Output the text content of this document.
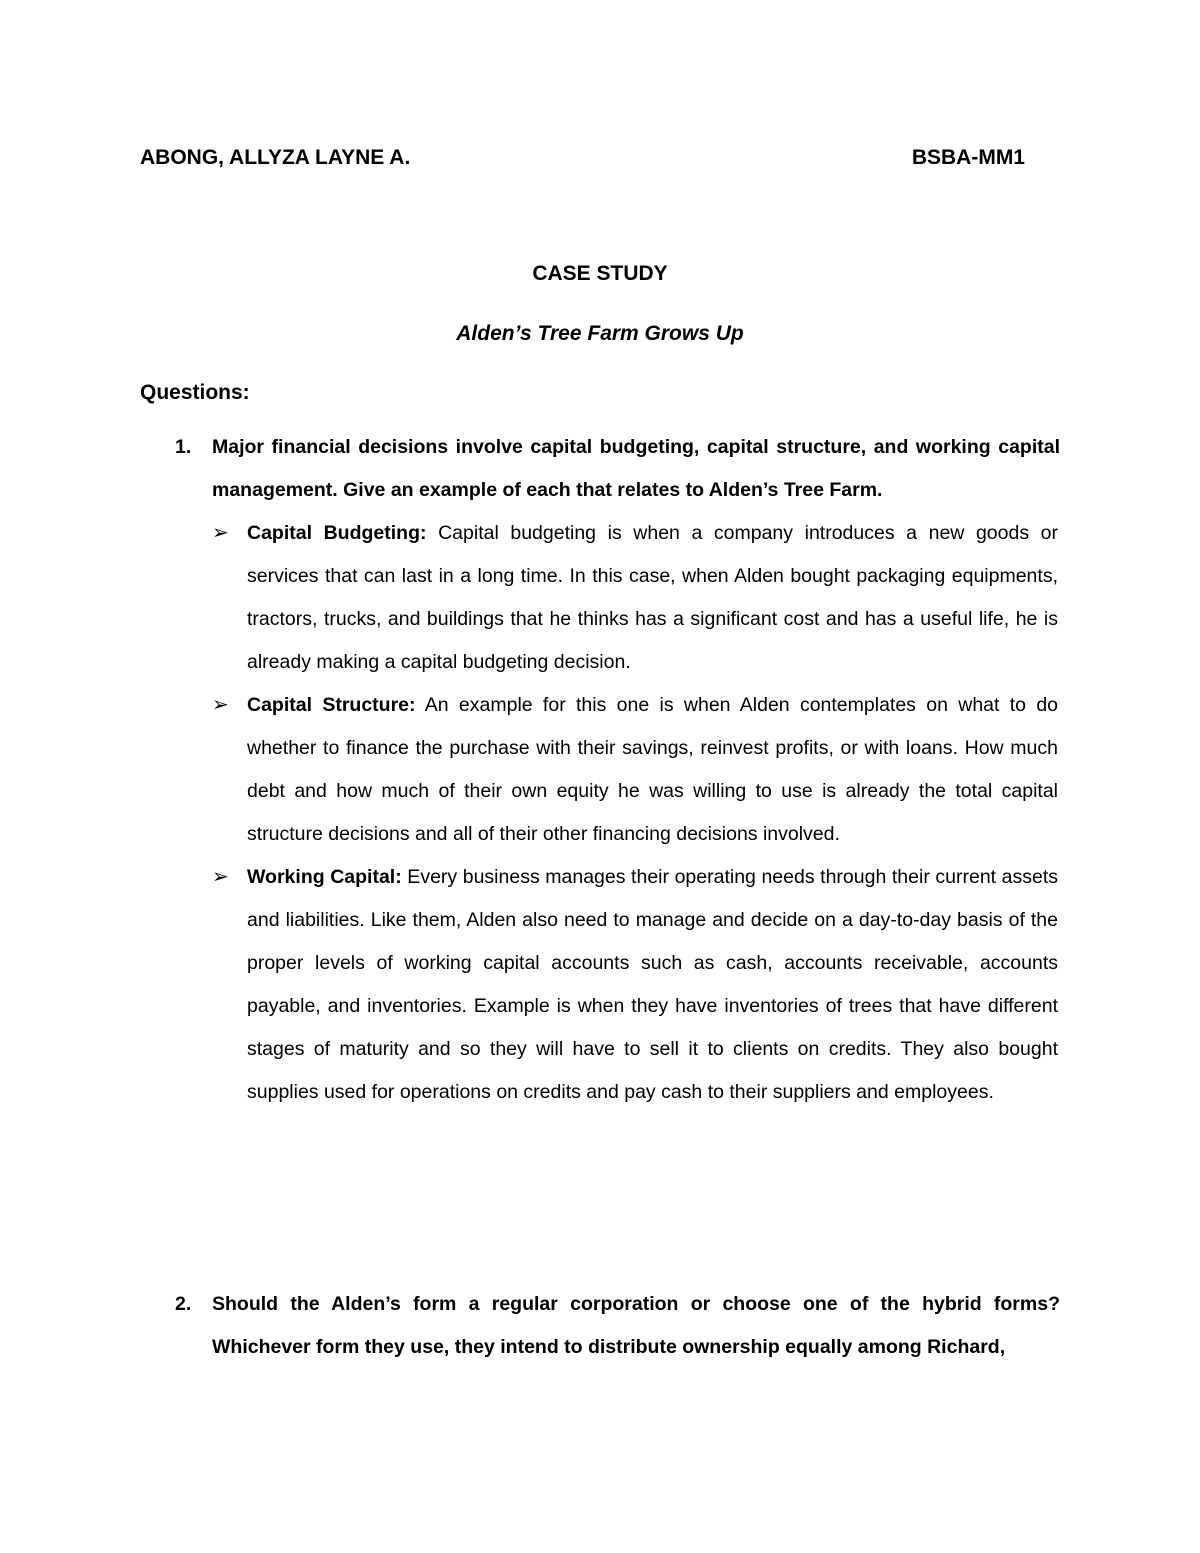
ABONG, ALLYZA LAYNE A.	BSBA-MM1
CASE STUDY
Alden’s Tree Farm Grows Up
Questions:
1. Major financial decisions involve capital budgeting, capital structure, and working capital management. Give an example of each that relates to Alden’s Tree Farm.
➢ Capital Budgeting: Capital budgeting is when a company introduces a new goods or services that can last in a long time. In this case, when Alden bought packaging equipments, tractors, trucks, and buildings that he thinks has a significant cost and has a useful life, he is already making a capital budgeting decision.
➢ Capital Structure: An example for this one is when Alden contemplates on what to do whether to finance the purchase with their savings, reinvest profits, or with loans. How much debt and how much of their own equity he was willing to use is already the total capital structure decisions and all of their other financing decisions involved.
➢ Working Capital: Every business manages their operating needs through their current assets and liabilities. Like them, Alden also need to manage and decide on a day-to-day basis of the proper levels of working capital accounts such as cash, accounts receivable, accounts payable, and inventories. Example is when they have inventories of trees that have different stages of maturity and so they will have to sell it to clients on credits. They also bought supplies used for operations on credits and pay cash to their suppliers and employees.
2. Should the Alden’s form a regular corporation or choose one of the hybrid forms? Whichever form they use, they intend to distribute ownership equally among Richard,
